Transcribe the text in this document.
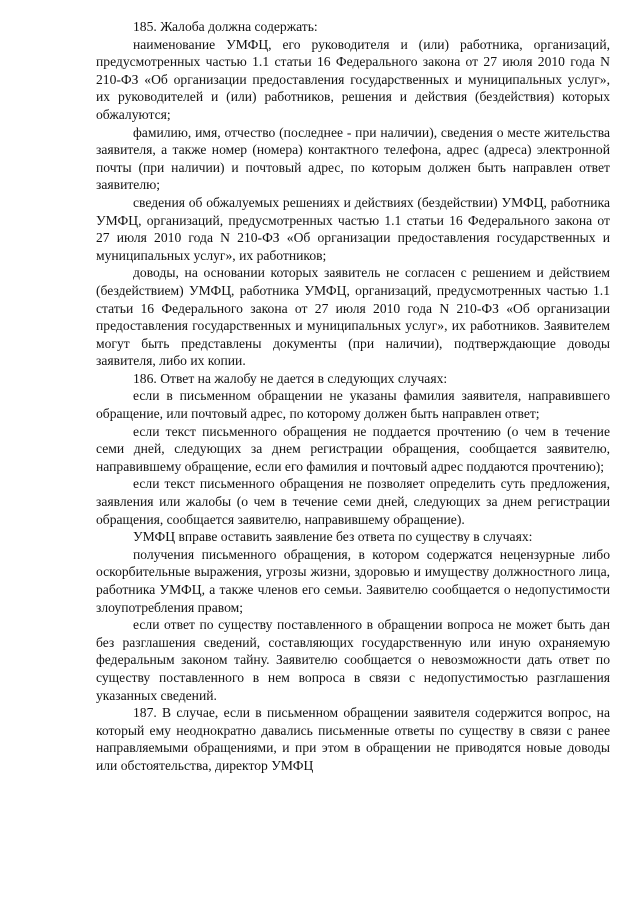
185. Жалоба должна содержать:

наименование УМФЦ, его руководителя и (или) работника, организаций, предусмотренных частью 1.1 статьи 16 Федерального закона от 27 июля 2010 года N 210-ФЗ «Об организации предоставления государственных и муниципальных услуг», их руководителей и (или) работников, решения и действия (бездействия) которых обжалуются;

фамилию, имя, отчество (последнее - при наличии), сведения о месте жительства заявителя, а также номер (номера) контактного телефона, адрес (адреса) электронной почты (при наличии) и почтовый адрес, по которым должен быть направлен ответ заявителю;

сведения об обжалуемых решениях и действиях (бездействии) УМФЦ, работника УМФЦ, организаций, предусмотренных частью 1.1 статьи 16 Федерального закона от 27 июля 2010 года N 210-ФЗ «Об организации предоставления государственных и муниципальных услуг», их работников;

доводы, на основании которых заявитель не согласен с решением и действием (бездействием) УМФЦ, работника УМФЦ, организаций, предусмотренных частью 1.1 статьи 16 Федерального закона от 27 июля 2010 года N 210-ФЗ «Об организации предоставления государственных и муниципальных услуг», их работников. Заявителем могут быть представлены документы (при наличии), подтверждающие доводы заявителя, либо их копии.

186. Ответ на жалобу не дается в следующих случаях:

если в письменном обращении не указаны фамилия заявителя, направившего обращение, или почтовый адрес, по которому должен быть направлен ответ;

если текст письменного обращения не поддается прочтению (о чем в течение семи дней, следующих за днем регистрации обращения, сообщается заявителю, направившему обращение, если его фамилия и почтовый адрес поддаются прочтению);

если текст письменного обращения не позволяет определить суть предложения, заявления или жалобы (о чем в течение семи дней, следующих за днем регистрации обращения, сообщается заявителю, направившему обращение).

УМФЦ вправе оставить заявление без ответа по существу в случаях:

получения письменного обращения, в котором содержатся нецензурные либо оскорбительные выражения, угрозы жизни, здоровью и имуществу должностного лица, работника УМФЦ, а также членов его семьи. Заявителю сообщается о недопустимости злоупотребления правом;

если ответ по существу поставленного в обращении вопроса не может быть дан без разглашения сведений, составляющих государственную или иную охраняемую федеральным законом тайну. Заявителю сообщается о невозможности дать ответ по существу поставленного в нем вопроса в связи с недопустимостью разглашения указанных сведений.

187. В случае, если в письменном обращении заявителя содержится вопрос, на который ему неоднократно давались письменные ответы по существу в связи с ранее направляемыми обращениями, и при этом в обращении не приводятся новые доводы или обстоятельства, директор УМФЦ
